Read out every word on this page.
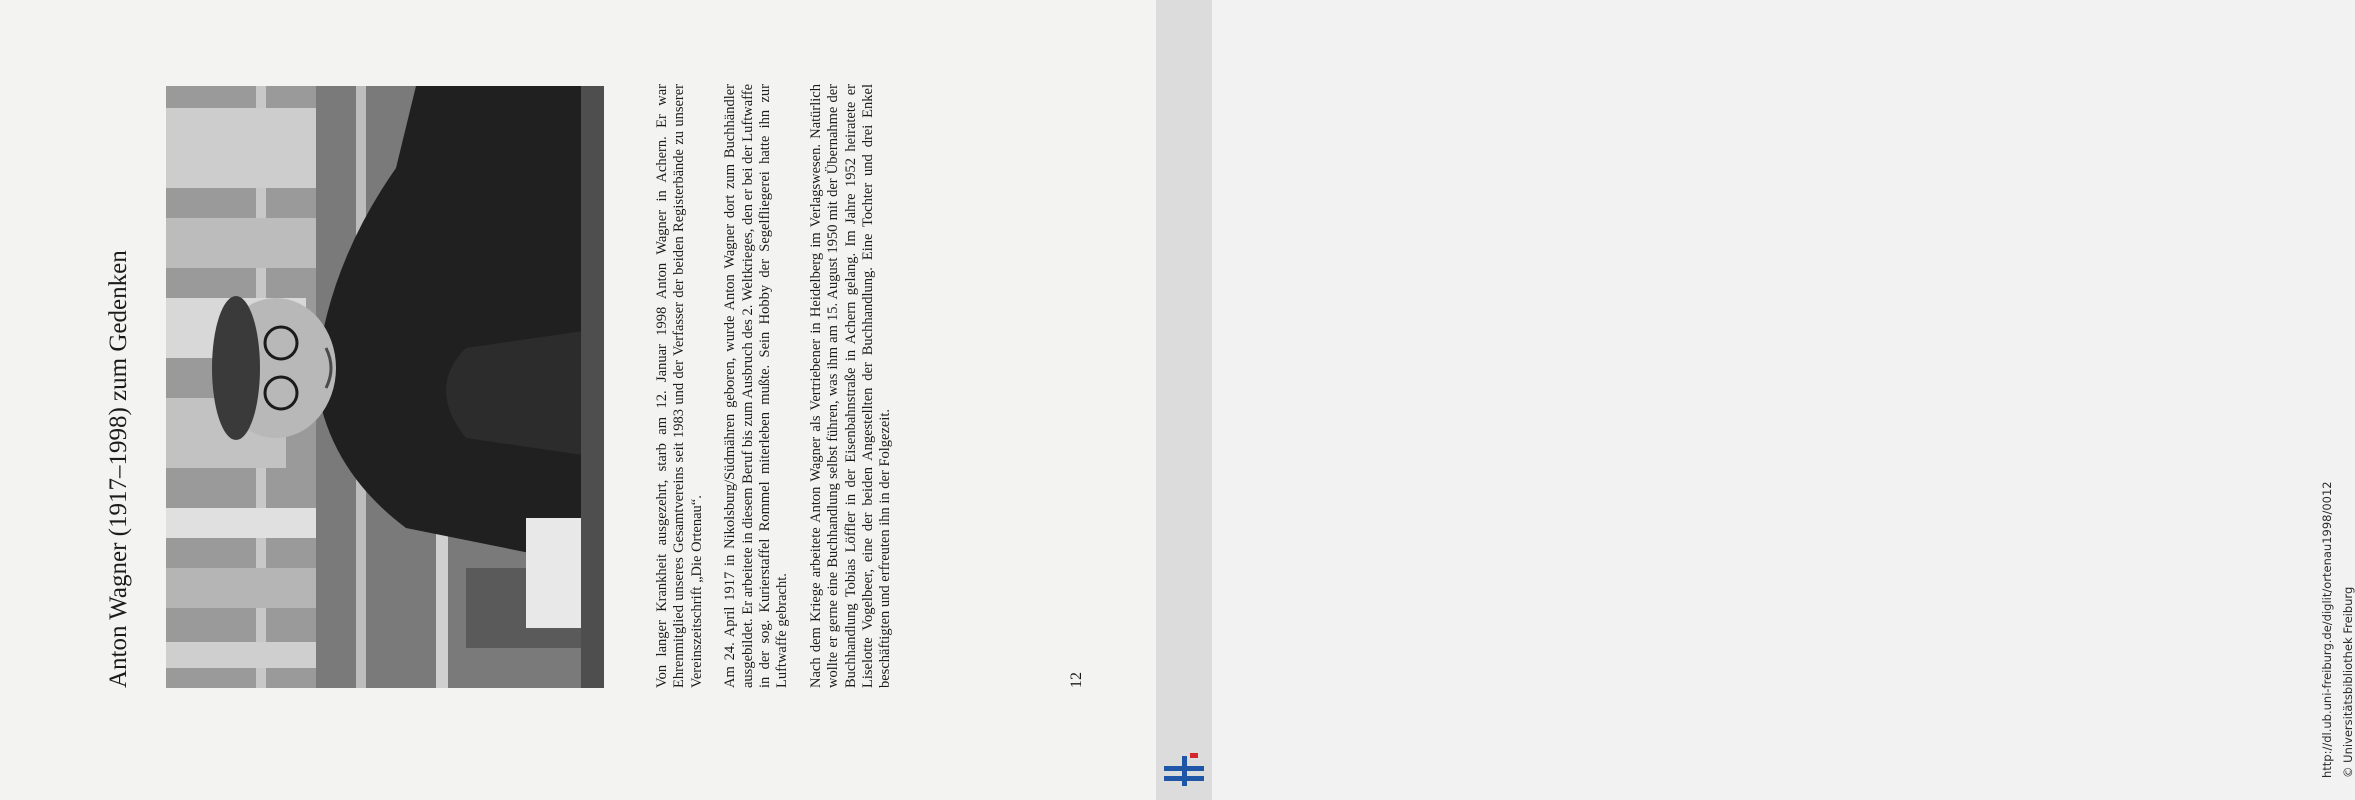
Anton Wagner (1917–1998) zum Gedenken	Von langer Krankheit ausgezehrt, starb am 12. Januar 1998 Anton Wagner in Achern. Er war Ehrenmitglied unseres Gesamtvereins seit 1983 und der Verfasser der beiden Registerbände zu unserer Vereinszeitschrift „Die Ortenau“. Am 24. April 1917 in Nikolsburg/Südmähren geboren, wurde Anton Wagner dort zum Buchhändler ausgebildet. Er arbeitete in diesem Beruf bis zum Ausbruch des 2. Weltkrieges, den er bei der Luftwaffe in der sog. Kurierstaffel Rommel miterleben mußte. Sein Hobby der Segelfliegerei hatte ihn zur Luftwaffe gebracht. Nach dem Kriege arbeitete Anton Wagner als Vertriebener in Heidelberg im Verlagswesen. Natürlich wollte er gerne eine Buchhandlung selbst führen, was ihm am 15. August 1950 mit der Übernahme der Buchhandlung Tobias Löffler in der Eisenbahnstraße in Achern gelang. Im Jahre 1952 heiratete er Liselotte Vogelbeer, eine der beiden Angestellten der Buchhandlung. Eine Tochter und drei Enkel beschäftigten und erfreuten ihn in der Folgezeit.	12	http://dl.ub.uni-freiburg.de/diglit/ortenau1998/0012 © Universitätsbibliothek Freiburg
